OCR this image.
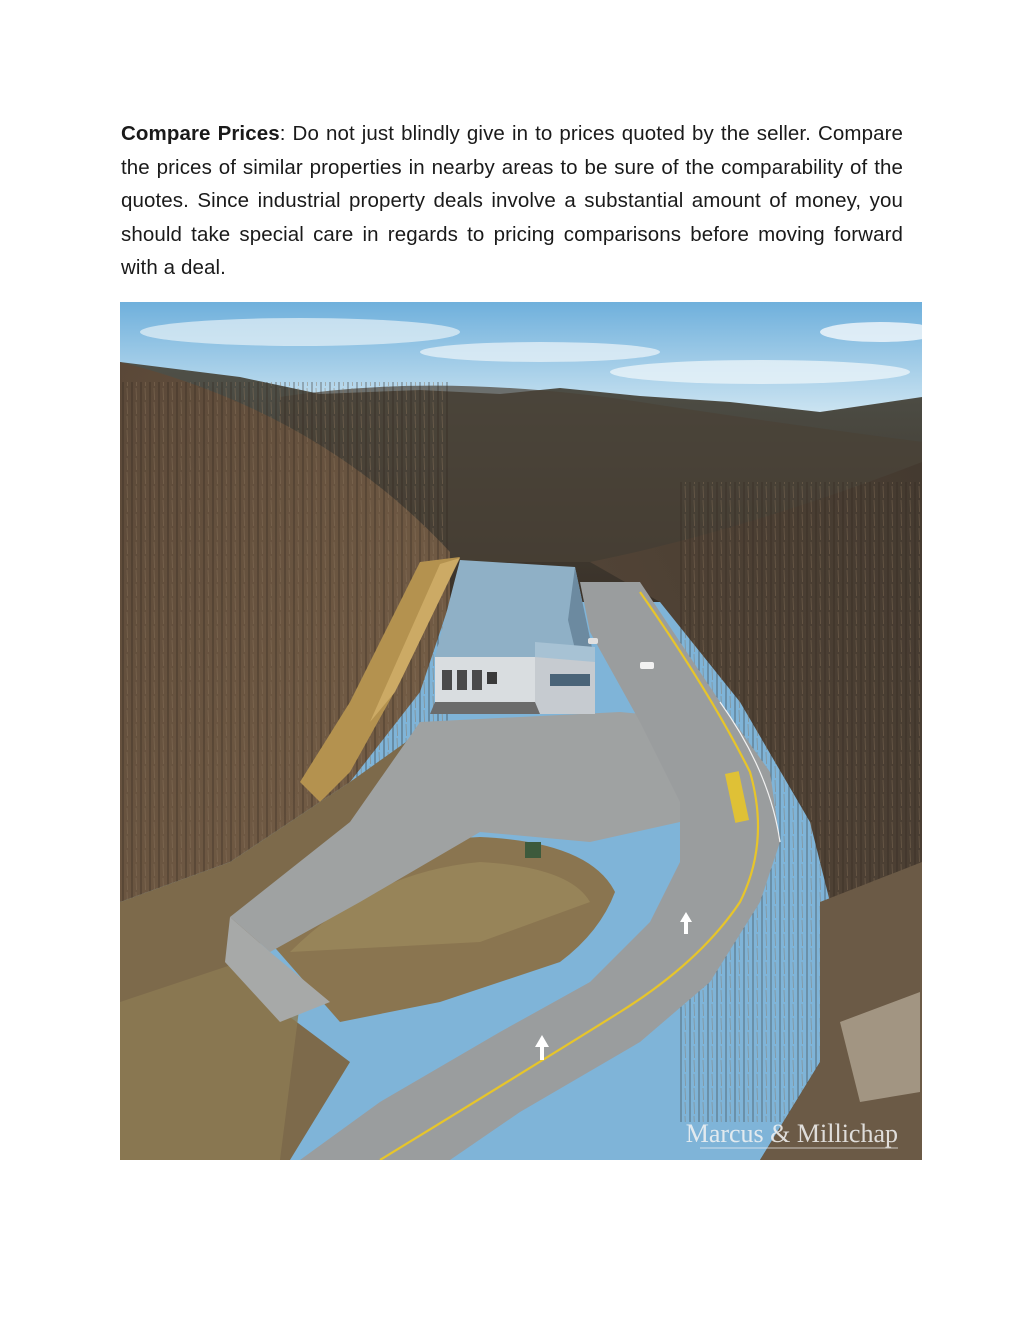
Compare Prices: Do not just blindly give in to prices quoted by the seller. Compare the prices of similar properties in nearby areas to be sure of the comparability of the quotes. Since industrial property deals involve a substantial amount of money, you should take special care in regards to pricing comparisons before moving forward with a deal.
Marcus & Millichap
